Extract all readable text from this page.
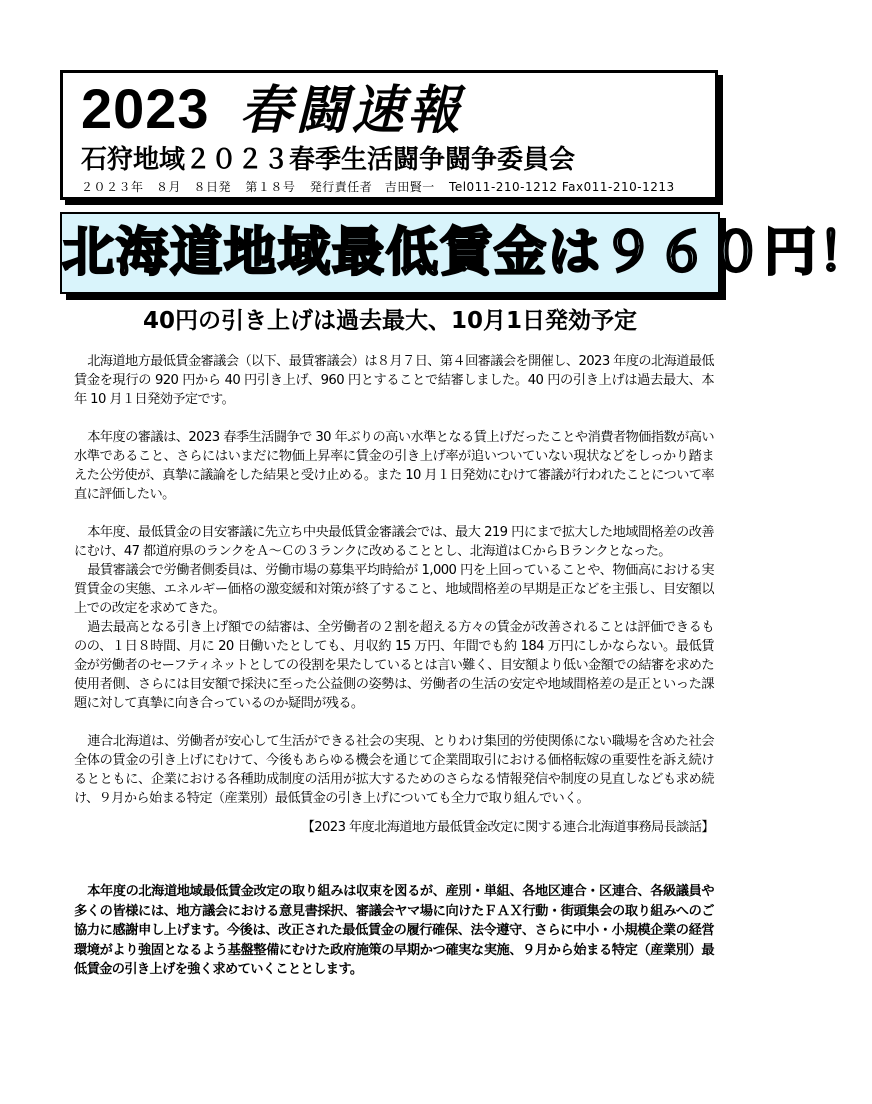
2023 春闘速報
石狩地域２０２３春季生活闘争闘争委員会
２０２３年　８月　８日発 第１８号 発行責任者　吉田賢一 Tel011-210-1212 Fax011-210-1213
北海道地域最低賃金は９６０円！
40円の引き上げは過去最大、10月1日発効予定

北海道地方最低賃金審議会（以下、最賃審議会）は８月７日、第４回審議会を開催し、2023 年度の北海道最低賃金を現行の 920 円から 40 円引き上げ、960 円とすることで結審しました。40 円の引き上げは過去最大、本年 10 月１日発効予定です。

本年度の審議は、2023 春季生活闘争で 30 年ぶりの高い水準となる賃上げだったことや消費者物価指数が高い水準であること、さらにはいまだに物価上昇率に賃金の引き上げ率が追いついていない現状などをしっかり踏まえた公労使が、真摯に議論をした結果と受け止める。また 10 月１日発効にむけて審議が行われたことについて率直に評価したい。

本年度、最低賃金の目安審議に先立ち中央最低賃金審議会では、最大 219 円にまで拡大した地域間格差の改善にむけ、47 都道府県のランクをＡ～Ｃの３ランクに改めることとし、北海道はＣからＢランクとなった。

最賃審議会で労働者側委員は、労働市場の募集平均時給が 1,000 円を上回っていることや、物価高における実質賃金の実態、エネルギー価格の激変緩和対策が終了すること、地域間格差の早期是正などを主張し、目安額以上での改定を求めてきた。

過去最高となる引き上げ額での結審は、全労働者の２割を超える方々の賃金が改善されることは評価できるものの、１日８時間、月に 20 日働いたとしても、月収約 15 万円、年間でも約 184 万円にしかならない。最低賃金が労働者のセーフティネットとしての役割を果たしているとは言い難く、目安額より低い金額での結審を求めた使用者側、さらには目安額で採決に至った公益側の姿勢は、労働者の生活の安定や地域間格差の是正といった課題に対して真摯に向き合っているのか疑問が残る。

連合北海道は、労働者が安心して生活ができる社会の実現、とりわけ集団的労使関係にない職場を含めた社会全体の賃金の引き上げにむけて、今後もあらゆる機会を通じて企業間取引における価格転嫁の重要性を訴え続けるとともに、企業における各種助成制度の活用が拡大するためのさらなる情報発信や制度の見直しなども求め続け、９月から始まる特定（産業別）最低賃金の引き上げについても全力で取り組んでいく。

【2023 年度北海道地方最低賃金改定に関する連合北海道事務局長談話】

本年度の北海道地域最低賃金改定の取り組みは収束を図るが、産別・単組、各地区連合・区連合、各級議員や多くの皆様には、地方議会における意見書採択、審議会ヤマ場に向けたＦＡＸ行動・街頭集会の取り組みへのご協力に感謝申し上げます。今後は、改正された最低賃金の履行確保、法令遵守、さらに中小・小規模企業の経営環境がより強固となるよう基盤整備にむけた政府施策の早期かつ確実な実施、９月から始まる特定（産業別）最低賃金の引き上げを強く求めていくこととします。
